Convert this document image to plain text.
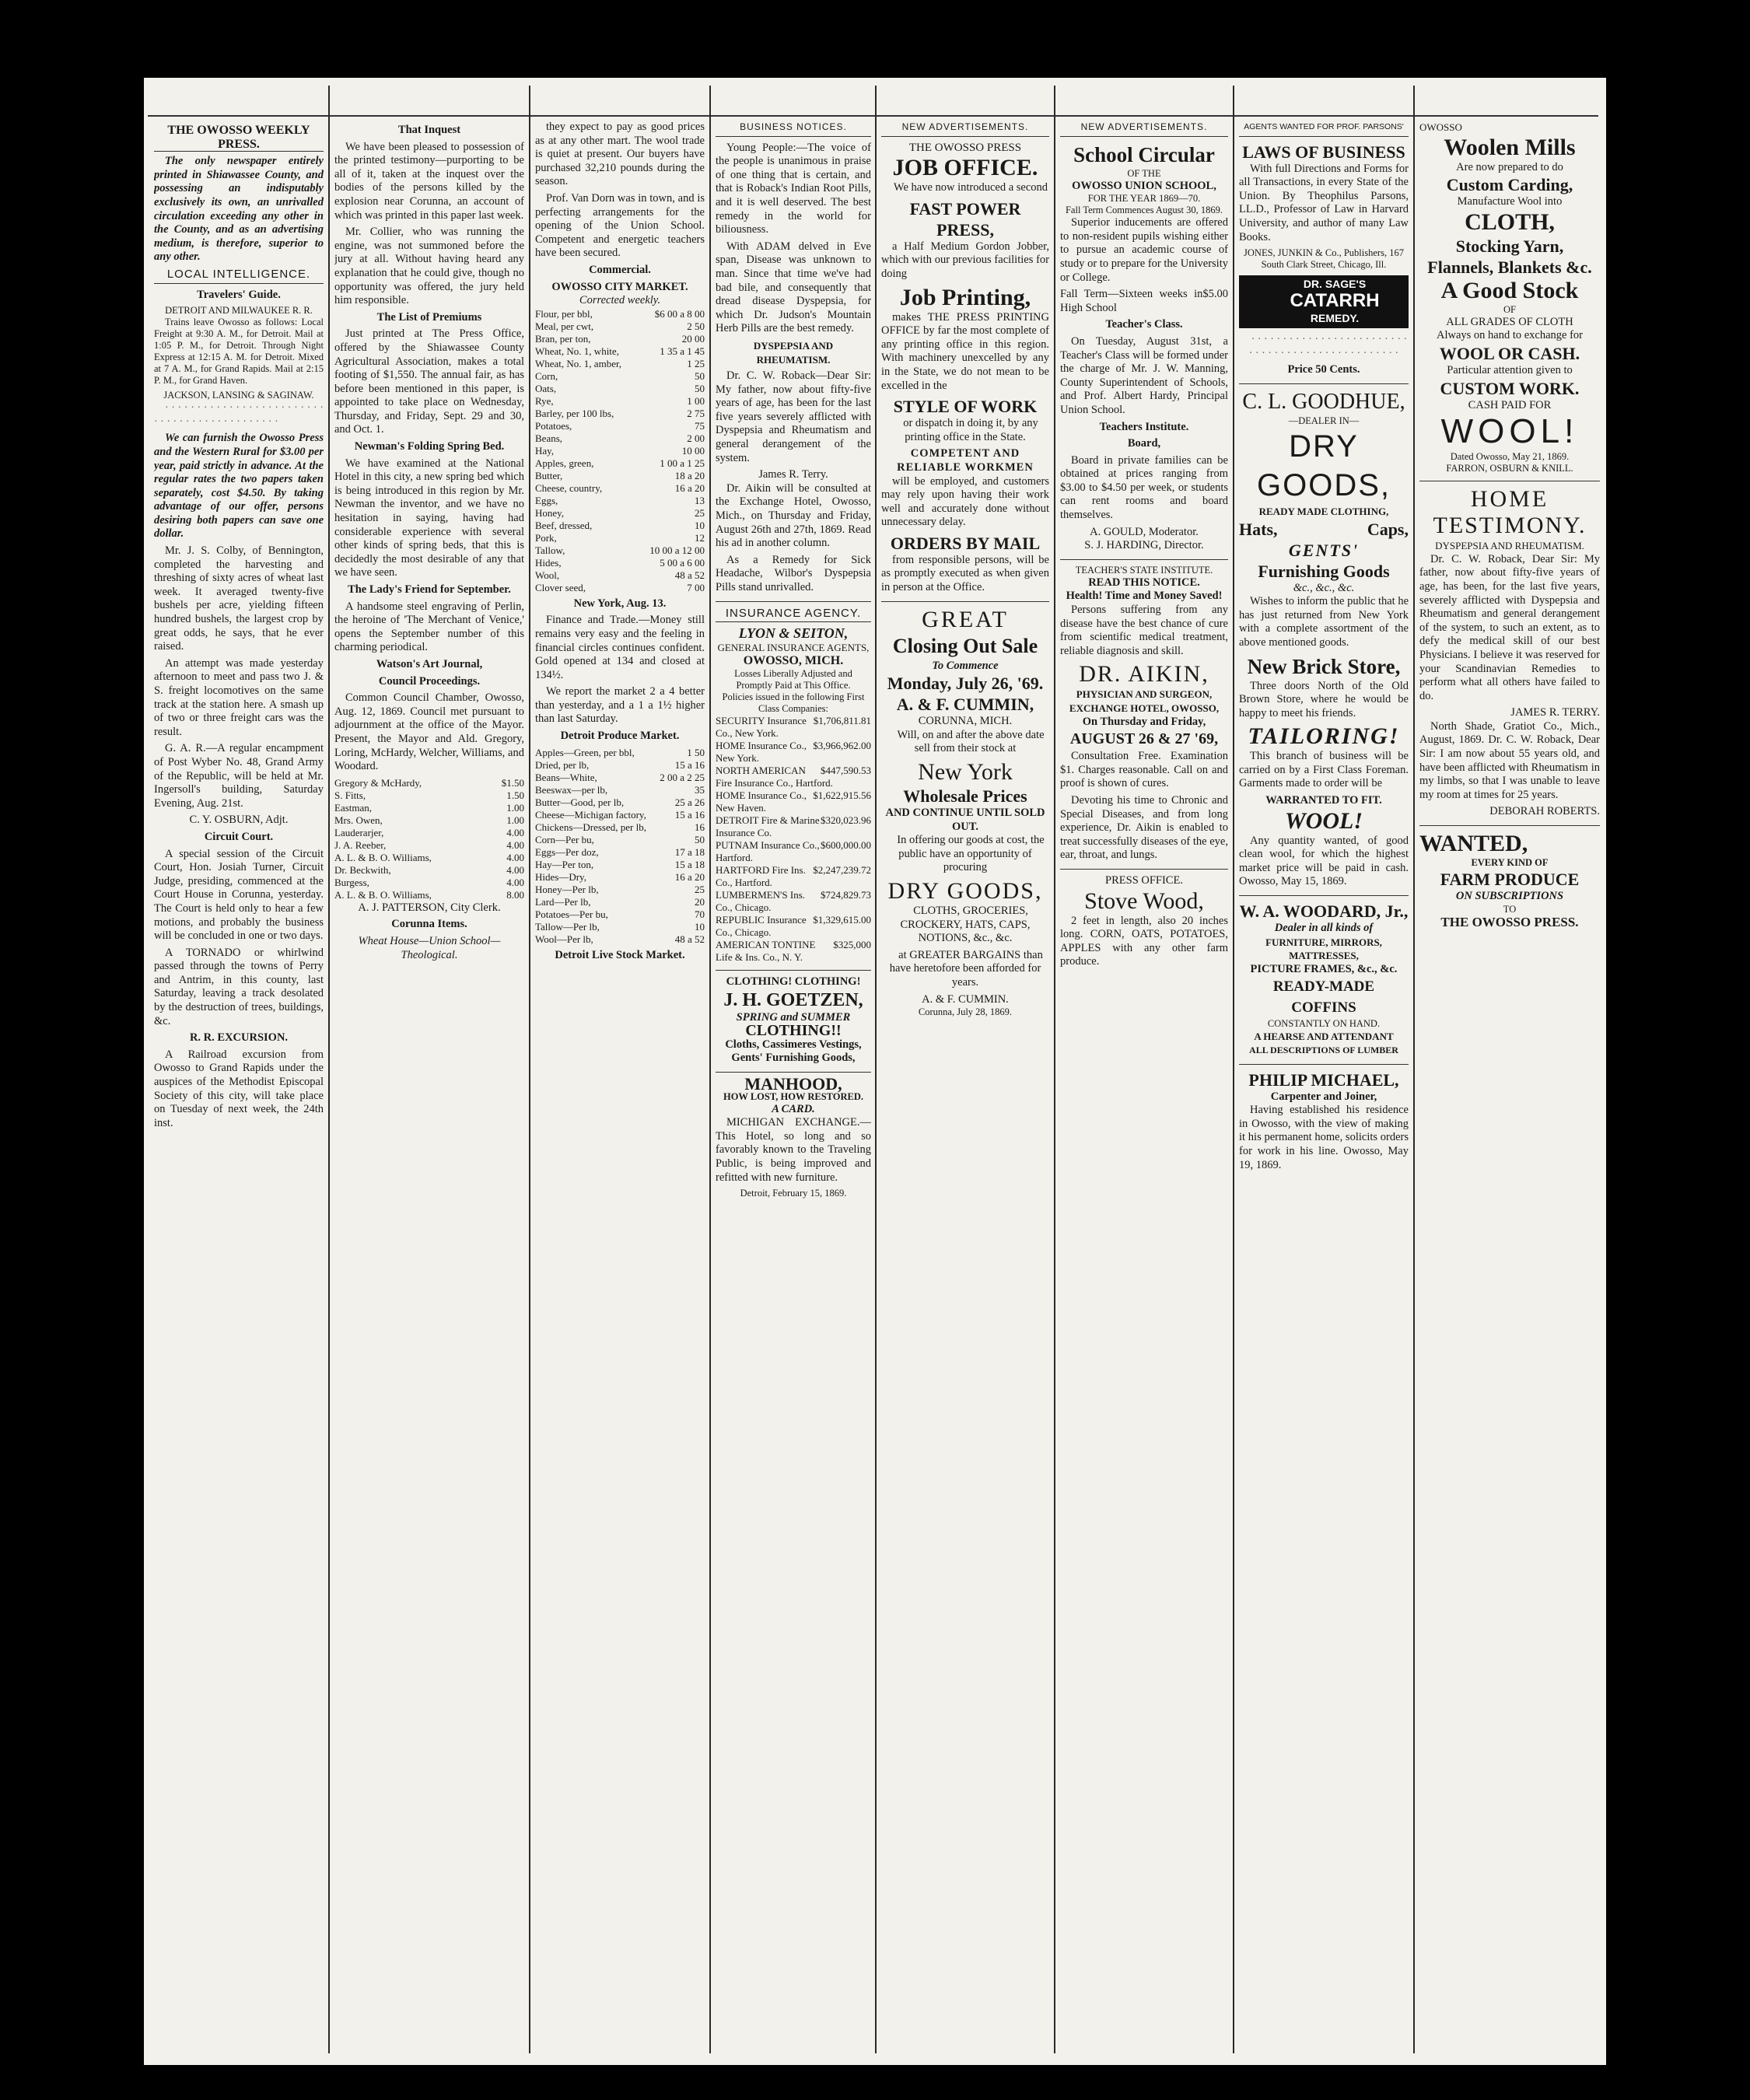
THE OWOSSO WEEKLY PRESS.

The only newspaper entirely printed in Shiawassee County, and possessing an indisputably exclusively its own, an unrivalled circulation exceeding any other in the County, and as an advertising medium, is therefore, superior to any other.

LOCAL INTELLIGENCE.
Travelers' Guide.
DETROIT AND MILWAUKEE R. R.

Trains leave Owosso as follows: Local Freight at 9:30 A. M., for Detroit. Mail at 1:05 P. M., for Detroit. Through Night Express at 12:15 A. M. for Detroit. Mixed at 7 A. M., for Grand Rapids. Mail at 2:15 P. M., for Grand Haven.

JACKSON, LANSING & SAGINAW.

· · · · · · · · · · · · · · · · · · · · · · · · · · · · · · · · · · · · · · · · · · · · ·

We can furnish the Owosso Press and the Western Rural for $3.00 per year, paid strictly in advance. At the regular rates the two papers taken separately, cost $4.50. By taking advantage of our offer, persons desiring both papers can save one dollar.

Mr. J. S. Colby, of Bennington, completed the harvesting and threshing of sixty acres of wheat last week. It averaged twenty-five bushels per acre, yielding fifteen hundred bushels, the largest crop by great odds, he says, that he ever raised.

An attempt was made yesterday afternoon to meet and pass two J. & S. freight locomotives on the same track at the station here. A smash up of two or three freight cars was the result.

G. A. R.—A regular encampment of Post Wyber No. 48, Grand Army of the Republic, will be held at Mr. Ingersoll's building, Saturday Evening, Aug. 21st.

C. Y. OSBURN, Adjt.
Circuit Court.

A special session of the Circuit Court, Hon. Josiah Turner, Circuit Judge, presiding, commenced at the Court House in Corunna, yesterday. The Court is held only to hear a few motions, and probably the business will be concluded in one or two days.

A TORNADO or whirlwind passed through the towns of Perry and Antrim, in this county, last Saturday, leaving a track desolated by the destruction of trees, buildings, &c.

R. R. EXCURSION.

A Railroad excursion from Owosso to Grand Rapids under the auspices of the Methodist Episcopal Society of this city, will take place on Tuesday of next week, the 24th inst.

That Inquest

We have been pleased to possession of the printed testimony—purporting to be all of it, taken at the inquest over the bodies of the persons killed by the explosion near Corunna, an account of which was printed in this paper last week.

Mr. Collier, who was running the engine, was not summoned before the jury at all. Without having heard any explanation that he could give, though no opportunity was offered, the jury held him responsible.

The List of Premiums

Just printed at The Press Office, offered by the Shiawassee County Agricultural Association, makes a total footing of $1,550. The annual fair, as has before been mentioned in this paper, is appointed to take place on Wednesday, Thursday, and Friday, Sept. 29 and 30, and Oct. 1.

Newman's Folding Spring Bed.

We have examined at the National Hotel in this city, a new spring bed which is being introduced in this region by Mr. Newman the inventor, and we have no hesitation in saying, having had considerable experience with several other kinds of spring beds, that this is decidedly the most desirable of any that we have seen.

The Lady's Friend for September.

A handsome steel engraving of Perlin, the heroine of 'The Merchant of Venice,' opens the September number of this charming periodical.

Watson's Art Journal,
Council Proceedings.

Common Council Chamber, Owosso, Aug. 12, 1869. Council met pursuant to adjournment at the office of the Mayor. Present, the Mayor and Ald. Gregory, Loring, McHardy, Welcher, Williams, and Woodard.

$1.50
Gregory & McHardy,
1.50
S. Fitts,
1.00
Eastman,
1.00
Mrs. Owen,
4.00
Lauderarjer,
4.00
J. A. Reeber,
4.00
A. L. & B. O. Williams,
4.00
Dr. Beckwith,
4.00
Burgess,
8.00
A. L. & B. O. Williams,
A. J. PATTERSON, City Clerk.
Corunna Items.
Wheat House—Union School—Theological.

they expect to pay as good prices as at any other mart. The wool trade is quiet at present. Our buyers have purchased 32,210 pounds during the season.

Prof. Van Dorn was in town, and is perfecting arrangements for the opening of the Union School. Competent and energetic teachers have been secured.

Commercial.
OWOSSO CITY MARKET.
Corrected weekly.
$6 00 a 8 00
Flour, per bbl,
2 50
Meal, per cwt,
20 00
Bran, per ton,
1 35 a 1 45
Wheat, No. 1, white,
1 25
Wheat, No. 1, amber,
50
Corn,
50
Oats,
1 00
Rye,
2 75
Barley, per 100 lbs,
75
Potatoes,
2 00
Beans,
10 00
Hay,
1 00 a 1 25
Apples, green,
18 a 20
Butter,
16 a 20
Cheese, country,
13
Eggs,
25
Honey,
10
Beef, dressed,
12
Pork,
10 00 a 12 00
Tallow,
5 00 a 6 00
Hides,
48 a 52
Wool,
7 00
Clover seed,
New York, Aug. 13.

Finance and Trade.—Money still remains very easy and the feeling in financial circles continues confident. Gold opened at 134 and closed at 134½.

We report the market 2 a 4 better than yesterday, and a 1 a 1½ higher than last Saturday.

Detroit Produce Market.
1 50
Apples—Green, per bbl,
15 a 16
Dried, per lb,
2 00 a 2 25
Beans—White,
35
Beeswax—per lb,
25 a 26
Butter—Good, per lb,
15 a 16
Cheese—Michigan factory,
16
Chickens—Dressed, per lb,
50
Corn—Per bu,
17 a 18
Eggs—Per doz,
15 a 18
Hay—Per ton,
16 a 20
Hides—Dry,
25
Honey—Per lb,
20
Lard—Per lb,
70
Potatoes—Per bu,
10
Tallow—Per lb,
48 a 52
Wool—Per lb,
Detroit Live Stock Market.
BUSINESS NOTICES.

Young People:—The voice of the people is unanimous in praise of one thing that is certain, and that is Roback's Indian Root Pills, and it is well deserved. The best remedy in the world for biliousness.

With ADAM delved in Eve span, Disease was unknown to man. Since that time we've had bad bile, and consequently that dread disease Dyspepsia, for which Dr. Judson's Mountain Herb Pills are the best remedy.

DYSPEPSIA AND RHEUMATISM.

Dr. C. W. Roback—Dear Sir: My father, now about fifty-five years of age, has been for the last five years severely afflicted with Dyspepsia and Rheumatism and general derangement of the system.

James R. Terry.

Dr. Aikin will be consulted at the Exchange Hotel, Owosso, Mich., on Thursday and Friday, August 26th and 27th, 1869. Read his ad in another column.

As a Remedy for Sick Headache, Wilbor's Dyspepsia Pills stand unrivalled.

INSURANCE AGENCY.
LYON & SEITON,
GENERAL INSURANCE AGENTS,
OWOSSO, MICH.
Losses Liberally Adjusted and Promptly Paid at This Office.
Policies issued in the following First Class Companies:
$1,706,811.81
SECURITY Insurance Co., New York.
$3,966,962.00
HOME Insurance Co., New York.
$447,590.53
NORTH AMERICAN Fire Insurance Co., Hartford.
$1,622,915.56
HOME Insurance Co., New Haven.
$320,023.96
DETROIT Fire & Marine Insurance Co.
$600,000.00
PUTNAM Insurance Co., Hartford.
$2,247,239.72
HARTFORD Fire Ins. Co., Hartford.
$724,829.73
LUMBERMEN'S Ins. Co., Chicago.
$1,329,615.00
REPUBLIC Insurance Co., Chicago.
$325,000
AMERICAN TONTINE Life & Ins. Co., N. Y.
CLOTHING! CLOTHING!
J. H. GOETZEN,
SPRING and SUMMER
CLOTHING!!
Cloths, Cassimeres Vestings,
Gents' Furnishing Goods,
MANHOOD,
HOW LOST, HOW RESTORED.
A CARD.

MICHIGAN EXCHANGE.—This Hotel, so long and so favorably known to the Traveling Public, is being improved and refitted with new furniture.

Detroit, February 15, 1869.
NEW ADVERTISEMENTS.
THE OWOSSO PRESS
JOB OFFICE.

We have now introduced a second

FAST POWER PRESS,

a Half Medium Gordon Jobber, which with our previous facilities for doing

Job Printing,

makes THE PRESS PRINTING OFFICE by far the most complete of any printing office in this region. With machinery unexcelled by any in the State, we do not mean to be excelled in the

STYLE OF WORK

or dispatch in doing it, by any printing office in the State.

COMPETENT AND RELIABLE WORKMEN

will be employed, and customers may rely upon having their work well and accurately done without unnecessary delay.

ORDERS BY MAIL

from responsible persons, will be as promptly executed as when given in person at the Office.

GREAT
Closing Out Sale
To Commence
Monday, July 26, '69.
A. & F. CUMMIN,
CORUNNA, MICH.

Will, on and after the above date sell from their stock at

New York
Wholesale Prices
AND CONTINUE UNTIL SOLD OUT.

In offering our goods at cost, the public have an opportunity of procuring

DRY GOODS,

CLOTHS, GROCERIES, CROCKERY, HATS, CAPS, NOTIONS, &c., &c.

at GREATER BARGAINS than have heretofore been afforded for years.

A. & F. CUMMIN.
Corunna, July 28, 1869.
NEW ADVERTISEMENTS.
School Circular
OF THE
OWOSSO UNION SCHOOL,
FOR THE YEAR 1869—70.
Fall Term Commences August 30, 1869.

Superior inducements are offered to non-resident pupils wishing either to pursue an academic course of study or to prepare for the University or College.

$5.00
Fall Term—Sixteen weeks in High School
Teacher's Class.

On Tuesday, August 31st, a Teacher's Class will be formed under the charge of Mr. J. W. Manning, County Superintendent of Schools, and Prof. Albert Hardy, Principal Union School.

Teachers Institute.
Board,

Board in private families can be obtained at prices ranging from $3.00 to $4.50 per week, or students can rent rooms and board themselves.

A. GOULD, Moderator.
S. J. HARDING, Director.
TEACHER'S STATE INSTITUTE.
READ THIS NOTICE.
Health! Time and Money Saved!

Persons suffering from any disease have the best chance of cure from scientific medical treatment, reliable diagnosis and skill.

DR. AIKIN,
PHYSICIAN AND SURGEON,
EXCHANGE HOTEL, OWOSSO,
On Thursday and Friday,
AUGUST 26 & 27 '69,

Consultation Free. Examination $1. Charges reasonable. Call on and proof is shown of cures.

Devoting his time to Chronic and Special Diseases, and from long experience, Dr. Aikin is enabled to treat successfully diseases of the eye, ear, throat, and lungs.

PRESS OFFICE.
Stove Wood,

2 feet in length, also 20 inches long. CORN, OATS, POTATOES, APPLES with any other farm produce.

AGENTS WANTED FOR PROF. PARSONS'
LAWS OF BUSINESS

With full Directions and Forms for all Transactions, in every State of the Union. By Theophilus Parsons, LL.D., Professor of Law in Harvard University, and author of many Law Books.

JONES, JUNKIN & Co., Publishers, 167 South Clark Street, Chicago, Ill.
DR. SAGE'S
CATARRH
REMEDY.

· · · · · · · · · · · · · · · · · · · · · · · · · · · · · · · · · · · · · · · · · · · · · · · · ·

Price 50 Cents.
C. L. GOODHUE,
—DEALER IN—
DRY GOODS,
READY MADE CLOTHING,
Hats,	Caps,

GENTS'
Furnishing Goods
&c., &c., &c.

Wishes to inform the public that he has just returned from New York with a complete assortment of the above mentioned goods.

New Brick Store,

Three doors North of the Old Brown Store, where he would be happy to meet his friends.

TAILORING!

This branch of business will be carried on by a First Class Foreman. Garments made to order will be

WARRANTED TO FIT.
WOOL!

Any quantity wanted, of good clean wool, for which the highest market price will be paid in cash. Owosso, May 15, 1869.

W. A. WOODARD, Jr.,
Dealer in all kinds of
FURNITURE, MIRRORS, MATTRESSES,
PICTURE FRAMES, &c., &c.
READY-MADE COFFINS
CONSTANTLY ON HAND.
A HEARSE AND ATTENDANT
ALL DESCRIPTIONS OF LUMBER
PHILIP MICHAEL,
Carpenter and Joiner,

Having established his residence in Owosso, with the view of making it his permanent home, solicits orders for work in his line. Owosso, May 19, 1869.

OWOSSO
Woolen Mills
Are now prepared to do
Custom Carding,
Manufacture Wool into
CLOTH,
Stocking Yarn,
Flannels, Blankets &c.
A Good Stock
OF
ALL GRADES OF CLOTH
Always on hand to exchange for
WOOL OR CASH.
Particular attention given to
CUSTOM WORK.
CASH PAID FOR
WOOL!
Dated Owosso, May 21, 1869.
FARRON, OSBURN & KNILL.
HOME
TESTIMONY.
DYSPEPSIA AND RHEUMATISM.

Dr. C. W. Roback, Dear Sir: My father, now about fifty-five years of age, has been, for the last five years, severely afflicted with Dyspepsia and Rheumatism and general derangement of the system, to such an extent, as to defy the medical skill of our best Physicians. I believe it was reserved for your Scandinavian Remedies to perform what all others have failed to do.

JAMES R. TERRY.

North Shade, Gratiot Co., Mich., August, 1869. Dr. C. W. Roback, Dear Sir: I am now about 55 years old, and have been afflicted with Rheumatism in my limbs, so that I was unable to leave my room at times for 25 years.

DEBORAH ROBERTS.
WANTED,
EVERY KIND OF
FARM PRODUCE
ON SUBSCRIPTIONS
TO
THE OWOSSO PRESS.
